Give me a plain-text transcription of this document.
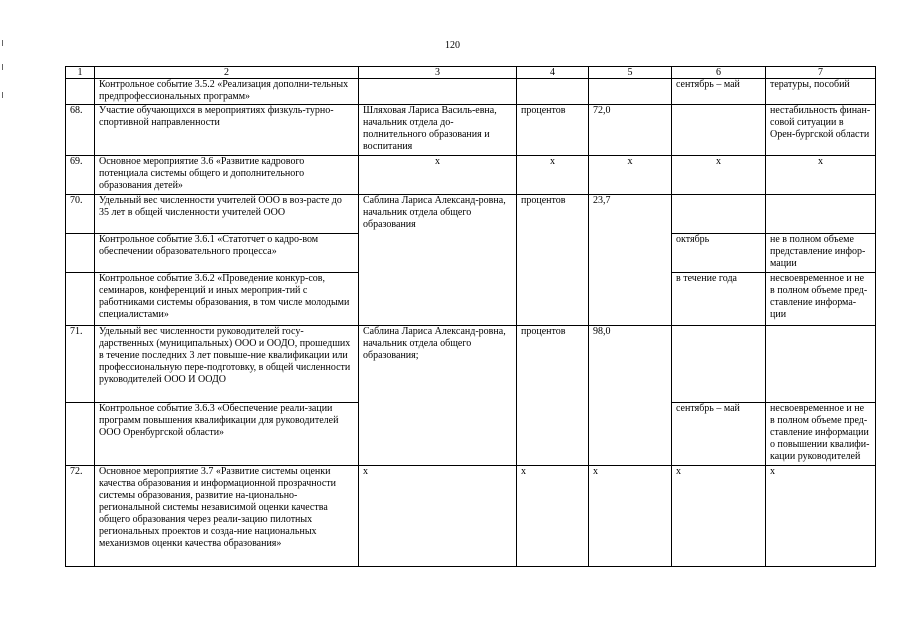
120
1	2	3	4	5	6	7
	Контрольное событие 3.5.2 «Реализация дополни-тельных предпрофессиональных программ»				сентябрь – май	тературы, пособий
68.	Участие обучающихся в мероприятиях физкуль-турно-спортивной направленности	Шляховая Лариса Василь-евна, начальник отдела до-полнительного образования и воспитания	процентов	72,0		нестабильность финан-совой ситуации в Орен-бургской области
69.	Основное мероприятие 3.6 «Развитие кадрового потенциала системы общего и дополнительного образования детей»	x	x	x	x	x
70.	Удельный вес численности учителей ООО в воз-расте до 35 лет в общей численности учителей ООО	Саблина Лариса Александ-ровна, начальник отдела общего образования	процентов	23,7		
	Контрольное событие 3.6.1 «Статотчет о кадро-вом обеспечении образовательного процесса»				октябрь	не в полном объеме представление инфор-мации
	Контрольное событие 3.6.2 «Проведение конкур-сов, семинаров, конференций и иных мероприя-тий с работниками системы образования, в том числе молодыми специалистами»				в течение года	несвоевременное и не в полном объеме пред-ставление информа-ции
71.	Удельный вес численности руководителей госу-дарственных (муниципальных) ООО и ООДО, прошедших в течение последних 3 лет повыше-ние квалификации или профессиональную пере-подготовку, в общей численности руководителей ООО И ООДО	Саблина Лариса Александ-ровна, начальник отдела общего образования;	процентов	98,0		
	Контрольное событие 3.6.3 «Обеспечение реали-зации программ повышения квалификации для руководителей ООО Оренбургской области»				сентябрь – май	несвоевременное и не в полном объеме пред-ставление информации о повышении квалифи-кации руководителей
72.	Основное мероприятие 3.7 «Развитие системы оценки качества образования и информационной прозрачности системы образования, развитие на-ционально-регионалыной системы независимой оценки качества общего образования через реали-зацию пилотных региональных проектов и созда-ние национальных механизмов оценки качества образования»	x	x	x	x	x
